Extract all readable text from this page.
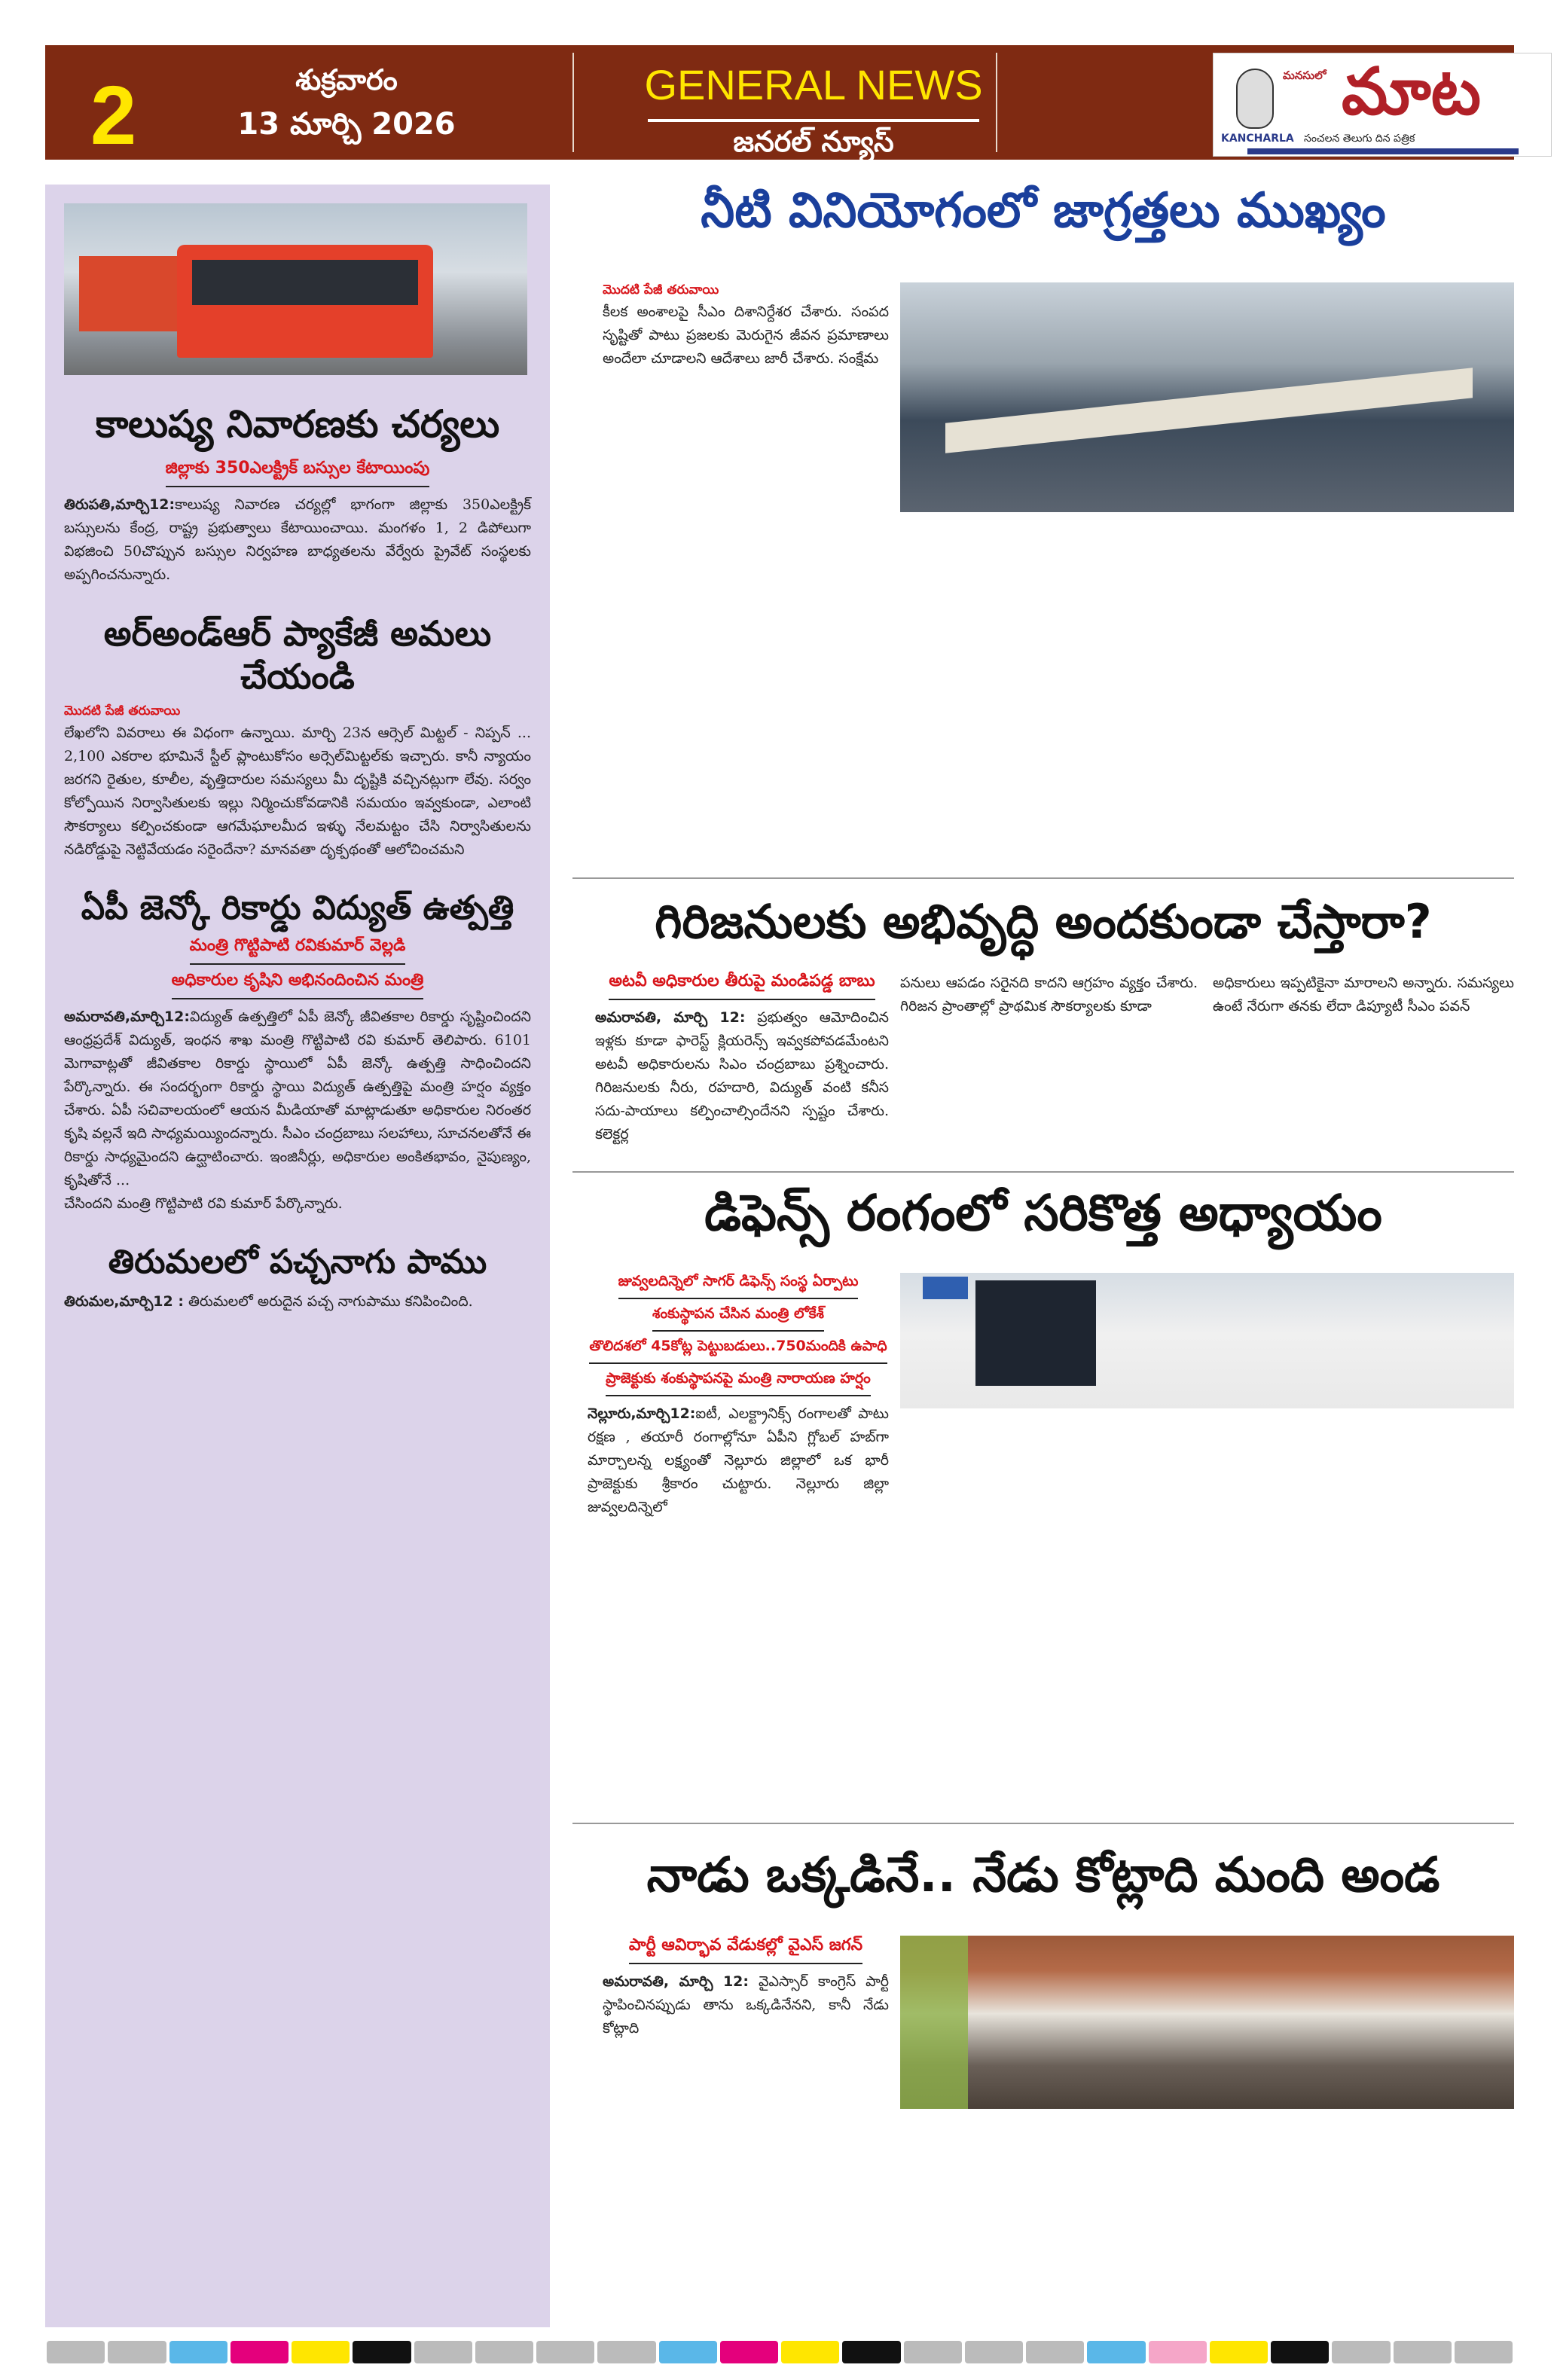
2	శుక్రవారం
13 మార్చి 2026
GENERAL NEWS
జనరల్ న్యూస్
మనసులో మాట
KANCHARLA సంచలన తెలుగు దిన పత్రిక
కాలుష్య నివారణకు చర్యలు
జిల్లాకు 350ఎలక్ట్రిక్ బస్సుల కేటాయింపు

తిరుపతి,మార్చి12:కాలుష్య నివారణ చర్యల్లో భాగంగా జిల్లాకు 350ఎలక్ట్రిక్ బస్సులను కేంద్ర, రాష్ట్ర ప్రభుత్వాలు కేటాయించాయి. మంగళం 1, 2 డిపోలుగా విభజించి 50చొప్పున బస్సుల నిర్వహణ బాధ్యతలను వేర్వేరు ప్రైవేట్ సంస్థలకు అప్పగించనున్నారు.

అర్అండ్ఆర్ ప్యాకేజీ అమలు చేయండి
మొదటి పేజీ తరువాయి

లేఖలోని వివరాలు ఈ విధంగా ఉన్నాయి. మార్చి 23న ఆర్సెల్ మిట్టల్ - నిప్పన్ ... 2,100 ఎకరాల భూమినే స్టీల్ ప్లాంటుకోసం అర్సెల్‌మిట్టల్‌కు ఇచ్చారు. కానీ న్యాయం జరగని రైతుల, కూలీల, వృత్తిదారుల సమస్యలు మీ దృష్టికి వచ్చినట్లుగా లేవు. సర్వం కోల్పోయిన నిర్వాసితులకు ఇల్లు నిర్మించుకోవడానికి సమయం ఇవ్వకుండా, ఎలాంటి సౌకర్యాలు కల్పించకుండా ఆగమేఘాలమీద ఇళ్ళు నేలమట్టం చేసి నిర్వాసితులను నడిరోడ్డుపై నెట్టివేయడం సరైందేనా? మానవతా దృక్పథంతో ఆలోచించమని

ఏపీ జెన్కో రికార్డు విద్యుత్ ఉత్పత్తి
మంత్రి గొట్టిపాటి రవికుమార్ వెల్లడి
అధికారుల కృషిని అభినందించిన మంత్రి

అమరావతి,మార్చి12:విద్యుత్ ఉత్పత్తిలో ఏపీ జెన్కో జీవితకాల రికార్డు సృష్టించిందని ఆంధ్రప్రదేశ్ విద్యుత్, ఇంధన శాఖ మంత్రి గొట్టిపాటి రవి కుమార్ తెలిపారు. 6101 మెగావాట్లతో జీవితకాల రికార్డు స్థాయిలో ఏపీ జెన్కో ఉత్పత్తి సాధించిందని పేర్కొన్నారు. ఈ సందర్భంగా రికార్డు స్థాయి విద్యుత్ ఉత్పత్తిపై మంత్రి హర్షం వ్యక్తం చేశారు. ఏపీ సచివాలయంలో ఆయన మీడియాతో మాట్లాడుతూ అధికారుల నిరంతర కృషి వల్లనే ఇది సాధ్యమయ్యిందన్నారు. సీఎం చంద్రబాబు సలహాలు, సూచనలతోనే ఈ రికార్డు సాధ్యమైందని ఉద్ఘాటించారు. ఇంజినీర్లు, అధికారుల అంకితభావం, నైపుణ్యం, కృషితోనే ...

చేసిందని మంత్రి గొట్టిపాటి రవి కుమార్ పేర్కొన్నారు.

తిరుమలలో పచ్చనాగు పాము

తిరుమల,మార్చి12 : తిరుమలలో అరుదైన పచ్చ నాగుపాము కనిపించింది.

నీటి వినియోగంలో జాగ్రత్తలు ముఖ్యం
మొదటి పేజీ తరువాయి

కీలక అంశాలపై సీఎం దిశానిర్దేశర చేశారు. సంపద సృష్టితో పాటు ప్రజలకు మెరుగైన జీవన ప్రమాణాలు అందేలా చూడాలని ఆదేశాలు జారీ చేశారు. సంక్షేమ

గిరిజనులకు అభివృద్ధి అందకుండా చేస్తారా?
అటవీ అధికారుల తీరుపై మండిపడ్డ బాబు

అమరావతి, మార్చి 12: ప్రభుత్వం ఆమోదించిన ఇళ్లకు కూడా ఫారెస్ట్ క్లియరెన్స్ ఇవ్వకపోవడమేంటని అటవీ అధికారులను సిఎం చంద్రబాబు ప్రశ్నించారు. గిరిజనులకు నీరు, రహదారి, విద్యుత్ వంటి కనీస సదు-పాయాలు కల్పించాల్సిందేనని స్పష్టం చేశారు. కలెక్టర్ల

పనులు ఆపడం సరైనది కాదని ఆగ్రహం వ్యక్తం చేశారు. గిరిజన ప్రాంతాల్లో ప్రాథమిక సౌకర్యాలకు కూడా

అధికారులు ఇప్పటికైనా మారాలని అన్నారు. సమస్యలు ఉంటే నేరుగా తనకు లేదా డిప్యూటీ సీఎం పవన్

డిఫెన్స్ రంగంలో సరికొత్త అధ్యాయం
జువ్వలదిన్నెలో సాగర్ డిఫెన్స్ సంస్థ ఏర్పాటు
శంకుస్థాపన చేసిన మంత్రి లోకేశ్
తొలిదశలో 45కోట్ల పెట్టుబడులు..750మందికి ఉపాధి
ప్రాజెక్టుకు శంకుస్థాపనపై మంత్రి నారాయణ హర్షం

నెల్లూరు,మార్చి12:ఐటీ, ఎలక్ట్రానిక్స్ రంగాలతో పాటు రక్షణ , తయారీ రంగాల్లోనూ ఏపీని గ్లోబల్ హబ్‌గా మార్చాలన్న లక్ష్యంతో నెల్లూరు జిల్లాలో ఒక భారీ ప్రాజెక్టుకు శ్రీకారం చుట్టారు. నెల్లూరు జిల్లా జువ్వలదిన్నెలో

నాడు ఒక్కడినే.. నేడు కోట్లాది మంది అండ
పార్టీ ఆవిర్భావ వేడుకల్లో వైఎస్ జగన్

అమరావతి, మార్చి 12: వైఎస్సార్ కాంగ్రెస్ పార్టీ స్థాపించినప్పుడు తాను ఒక్కడినేనని, కానీ నేడు కోట్లాది
